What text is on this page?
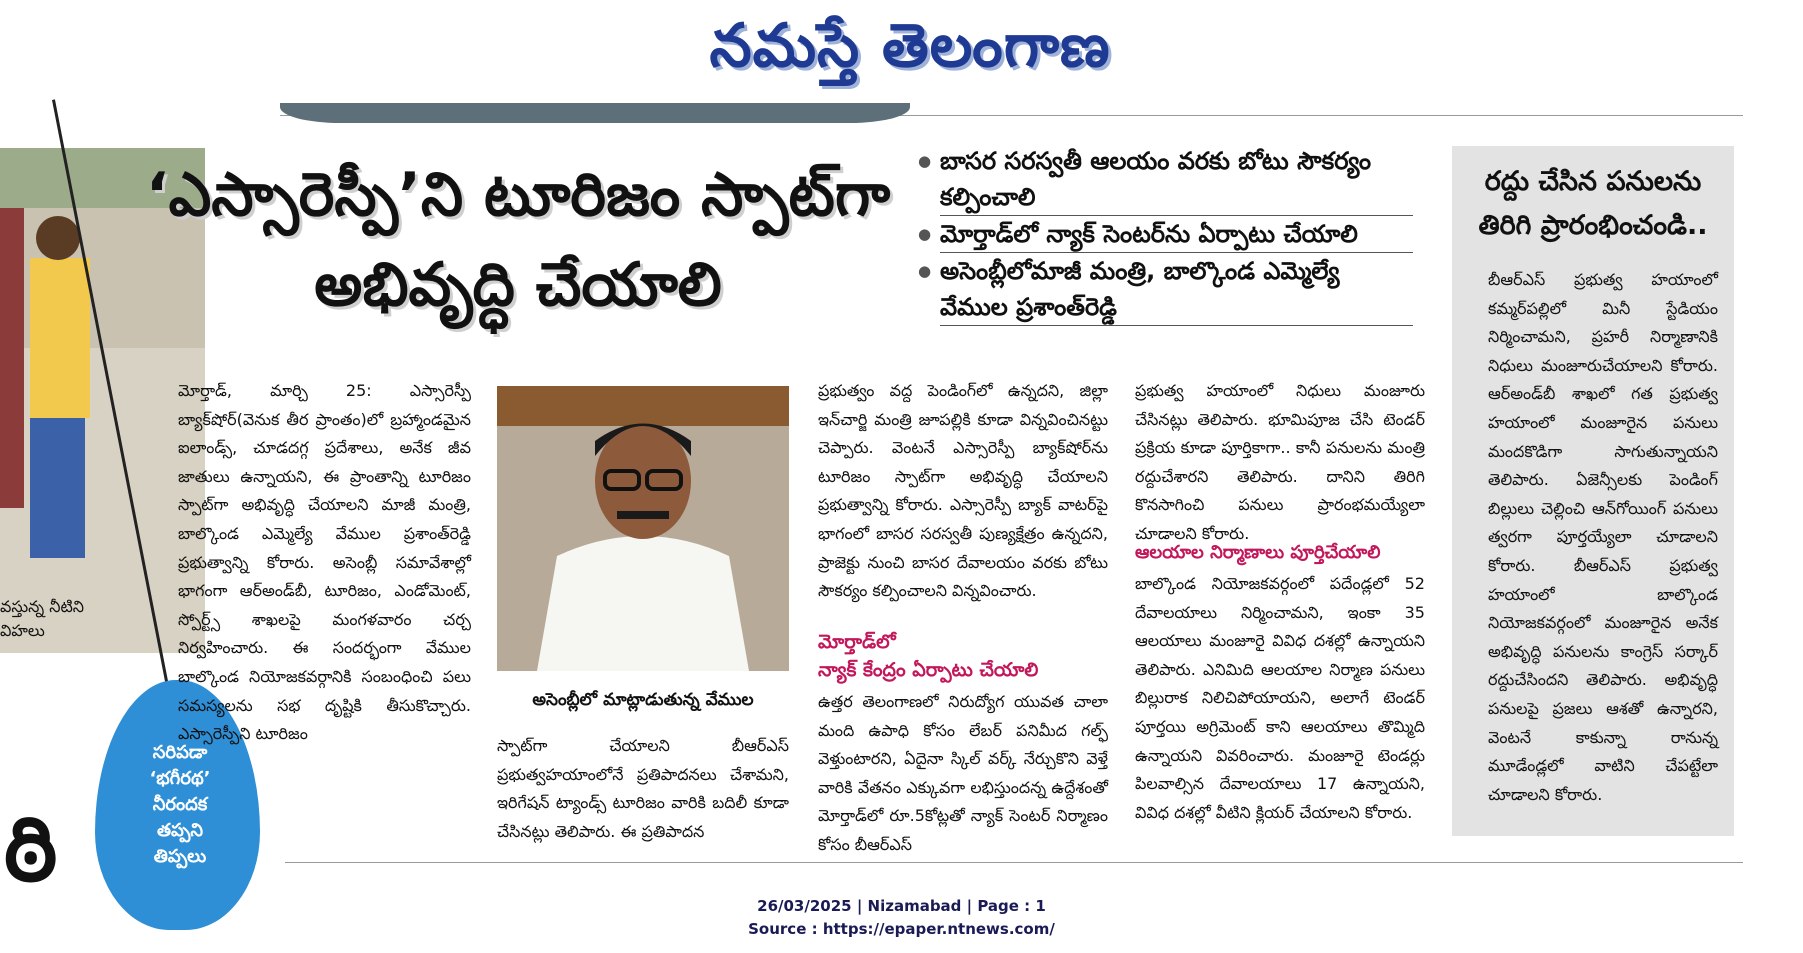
నమస్తే తెలంగాణ
వస్తున్న నీటిని
విహలు
సరిపడా
‘భగీరథ’
నీరందక
తప్పని
తిప్పలు
ఠి
‘ఎస్సారెస్పీ’ని టూరిజం స్పాట్‌గా
అభివృద్ధి చేయాలి
● బాసర సరస్వతీ ఆలయం వరకు బోటు సౌకర్యం కల్పించాలి
● మోర్తాడ్‌లో న్యాక్ సెంటర్‌ను ఏర్పాటు చేయాలి
● అసెంబ్లీలోమాజీ మంత్రి, బాల్కొండ ఎమ్మెల్యే వేముల ప్రశాంత్‌రెడ్డి
మోర్తాడ్, మార్చి 25: ఎస్సారెస్పీ బ్యాక్‌షోర్(వెనుక తీర ప్రాంతం)లో బ్రహ్మాండమైన ఐలాండ్స్, చూడదగ్గ ప్రదేశాలు, అనేక జీవ జాతులు ఉన్నాయని, ఈ ప్రాంతాన్ని టూరిజం స్పాట్‌గా అభివృద్ధి చేయాలని మాజీ మంత్రి, బాల్కొండ ఎమ్మెల్యే వేముల ప్రశాంత్‌రెడ్డి ప్రభుత్వాన్ని కోరారు. అసెంబ్లీ సమావేశాల్లో భాగంగా ఆర్‌అండ్‌బీ, టూరిజం, ఎండోమెంట్, స్పోర్ట్స్ శాఖలపై మంగళవారం చర్చ నిర్వహించారు. ఈ సందర్భంగా వేముల బాల్కొండ నియోజకవర్గానికి సంబంధించి పలు సమస్యలను సభ దృష్టికి తీసుకొచ్చారు. ఎస్సారెస్పీని టూరిజం
అసెంబ్లీలో మాట్లాడుతున్న వేముల
ప్రభుత్వం వద్ద పెండింగ్‌లో ఉన్నదని, జిల్లా ఇన్‌చార్జి మంత్రి జూపల్లికి కూడా విన్నవించినట్టు చెప్పారు. వెంటనే ఎస్సారెస్పీ బ్యాక్‌షోర్‌ను టూరిజం స్పాట్‌గా అభివృద్ధి చేయాలని ప్రభుత్వాన్ని కోరారు. ఎస్సారెస్పీ బ్యాక్ వాటర్‌పై భాగంలో బాసర సరస్వతీ పుణ్యక్షేత్రం ఉన్నదని, ప్రాజెక్టు నుంచి బాసర దేవాలయం వరకు బోటు సౌకర్యం కల్పించాలని విన్నవించారు.
మోర్తాడ్‌లో
న్యాక్ కేంద్రం ఏర్పాటు చేయాలి
ఉత్తర తెలంగాణలో నిరుద్యోగ యువత చాలా మంది ఉపాధి కోసం లేబర్ పనిమీద గల్ఫ్ వెళ్తుంటారని, ఏదైనా స్కిల్ వర్క్ నేర్చుకొని వెళ్తే వారికి వేతనం ఎక్కువగా లభిస్తుందన్న ఉద్దేశంతో మోర్తాడ్‌లో రూ.5కోట్లతో న్యాక్ సెంటర్ నిర్మాణం కోసం బీఆర్‌ఎస్
స్పాట్‌గా చేయాలని బీఆర్‌ఎస్ ప్రభుత్వహయాంలోనే ప్రతిపాదనలు చేశామని, ఇరిగేషన్ ట్యాండ్స్ టూరిజం వారికి బదిలీ కూడా చేసినట్లు తెలిపారు. ఈ ప్రతిపాదన
ప్రభుత్వ హయాంలో నిధులు మంజూరు చేసినట్లు తెలిపారు. భూమిపూజ చేసి టెండర్ ప్రక్రియ కూడా పూర్తికాగా.. కానీ పనులను మంత్రి రద్దుచేశారని తెలిపారు. దానిని తిరిగి కొనసాగించి పనులు ప్రారంభమయ్యేలా చూడాలని కోరారు.
ఆలయాల నిర్మాణాలు పూర్తిచేయాలి
బాల్కొండ నియోజకవర్గంలో పదేండ్లలో 52 దేవాలయాలు నిర్మించామని, ఇంకా 35 ఆలయాలు మంజూరై వివిధ దశల్లో ఉన్నాయని తెలిపారు. ఎనిమిది ఆలయాల నిర్మాణ పనులు బిల్లురాక నిలిచిపోయాయని, అలాగే టెండర్ పూర్తయి అగ్రిమెంట్ కాని ఆలయాలు తొమ్మిది ఉన్నాయని వివరించారు. మంజూరై టెండర్లు పిలవాల్సిన దేవాలయాలు 17 ఉన్నాయని, వివిధ దశల్లో వీటిని క్లియర్ చేయాలని కోరారు.
రద్దు చేసిన పనులను
తిరిగి ప్రారంభించండి..
బీఆర్‌ఎస్ ప్రభుత్వ హయాంలో కమ్మర్‌పల్లిలో మినీ స్టేడియం నిర్మించామని, ప్రహరీ నిర్మాణానికి నిధులు మంజూరుచేయాలని కోరారు. ఆర్‌అండ్‌బీ శాఖలో గత ప్రభుత్వ హయాంలో మంజూరైన పనులు మందకొడిగా సాగుతున్నాయని తెలిపారు. ఏజెన్సీలకు పెండింగ్ బిల్లులు చెల్లించి ఆన్‌గోయింగ్ పనులు త్వరగా పూర్తయ్యేలా చూడాలని కోరారు. బీఆర్‌ఎస్ ప్రభుత్వ హయాంలో బాల్కొండ నియోజకవర్గంలో మంజూరైన అనేక అభివృద్ధి పనులను కాంగ్రెస్ సర్కార్ రద్దుచేసిందని తెలిపారు. అభివృద్ధి పనులపై ప్రజలు ఆశతో ఉన్నారని, వెంటనే కాకున్నా రానున్న మూడేండ్లలో వాటిని చేపట్టేలా చూడాలని కోరారు.
26/03/2025 | Nizamabad | Page : 1
Source : https://epaper.ntnews.com/
